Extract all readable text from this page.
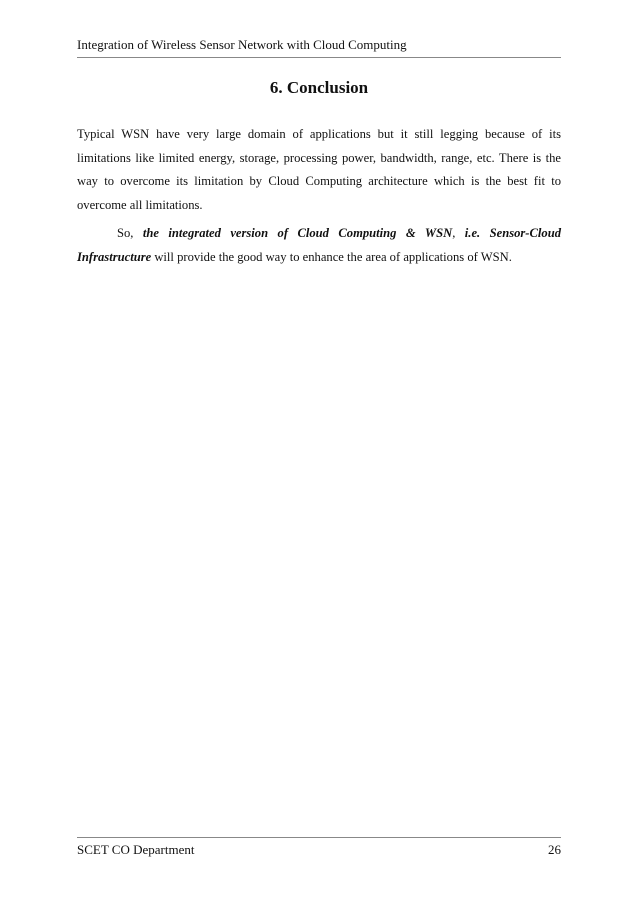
Integration of Wireless Sensor Network with Cloud Computing
6. Conclusion

Typical WSN have very large domain of applications but it still legging because of its limitations like limited energy, storage, processing power, bandwidth, range, etc. There is the way to overcome its limitation by Cloud Computing architecture which is the best fit to overcome all limitations.

So, the integrated version of Cloud Computing & WSN, i.e. Sensor-Cloud Infrastructure will provide the good way to enhance the area of applications of WSN.

SCET CO Department	26
